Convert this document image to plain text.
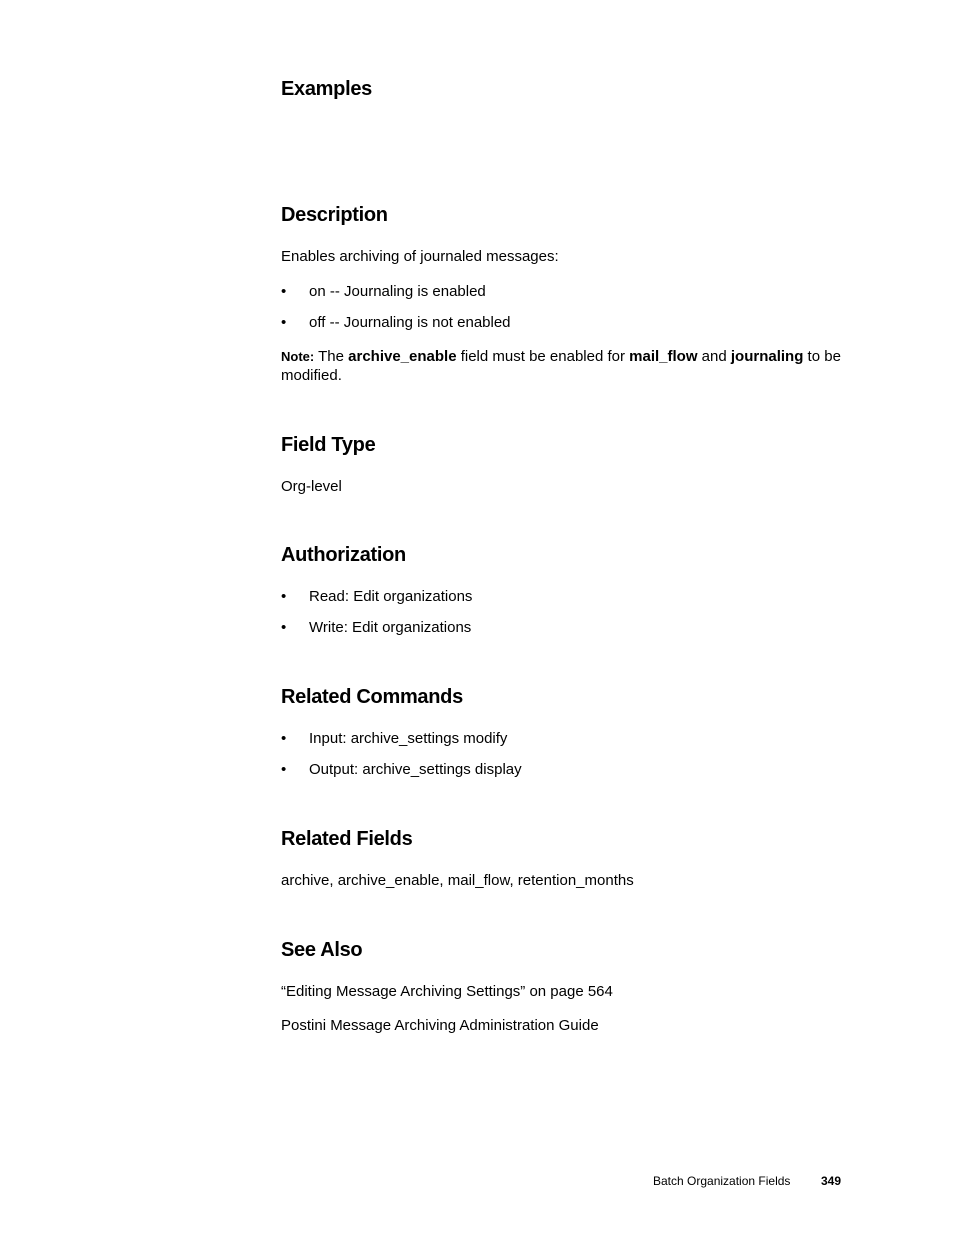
Examples
Description

Enables archiving of journaled messages:

• on -- Journaling is enabled
• off -- Journaling is not enabled

Note: The archive_enable field must be enabled for mail_flow and journaling to be modified.

Field Type

Org-level

Authorization
• Read: Edit organizations
• Write: Edit organizations
Related Commands
• Input: archive_settings modify
• Output: archive_settings display
Related Fields

archive, archive_enable, mail_flow, retention_months

See Also

“Editing Message Archiving Settings” on page 564

Postini Message Archiving Administration Guide

Batch Organization Fields	349
